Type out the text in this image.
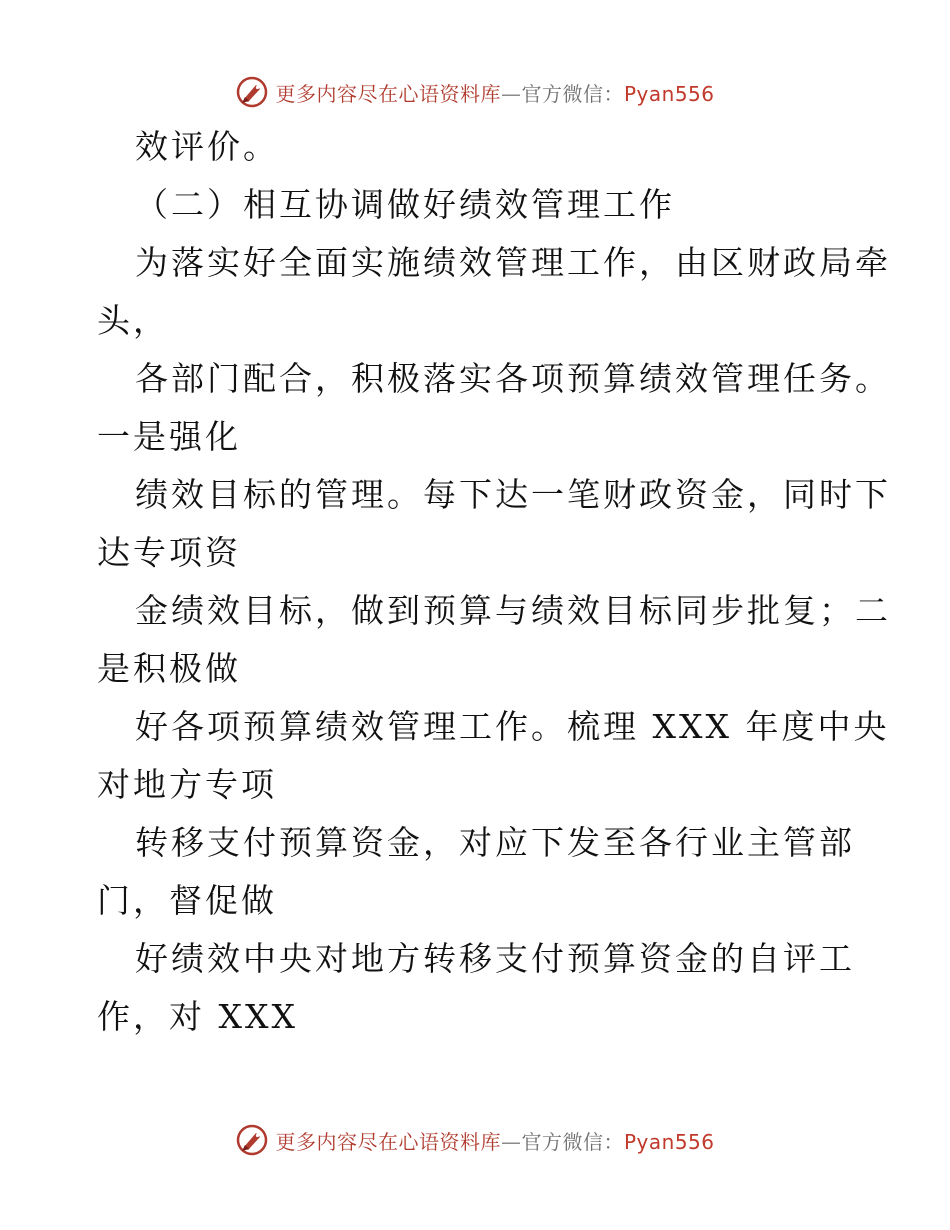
更多内容尽在心语资料库—官方微信：Pyan556
效评价。
（二）相互协调做好绩效管理工作
为落实好全面实施绩效管理工作，由区财政局牵
头，
各部门配合，积极落实各项预算绩效管理任务。
一是强化
绩效目标的管理。每下达一笔财政资金，同时下
达专项资
金绩效目标，做到预算与绩效目标同步批复；二
是积极做
好各项预算绩效管理工作。梳理 XXX 年度中央
对地方专项
转移支付预算资金，对应下发至各行业主管部
门，督促做
好绩效中央对地方转移支付预算资金的自评工
作，对 XXX
更多内容尽在心语资料库—官方微信：Pyan556
